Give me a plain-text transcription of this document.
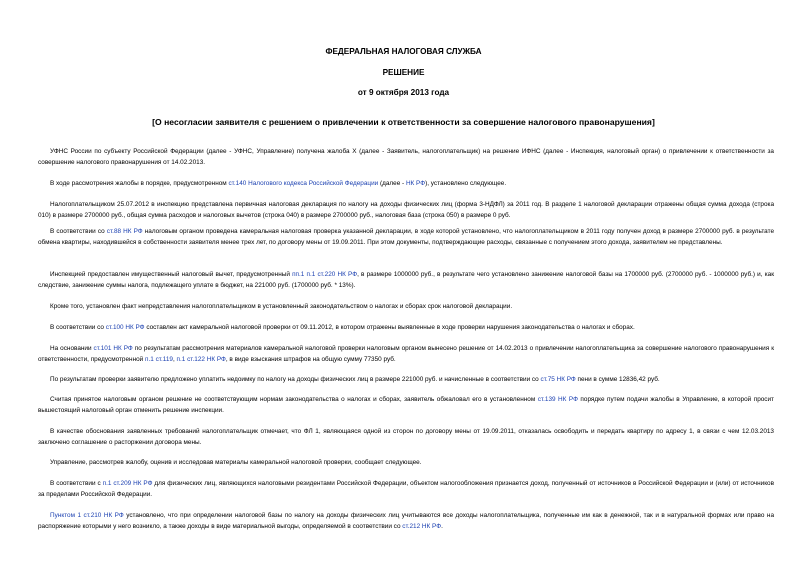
ФЕДЕРАЛЬНАЯ НАЛОГОВАЯ СЛУЖБА

РЕШЕНИЕ

от 9 октября 2013 года

[О несогласии заявителя с решением о привлечении к ответственности за совершение налогового правонарушения]

УФНС России по субъекту Российской Федерации (далее - УФНС, Управление) получена жалоба Х (далее - Заявитель, налогоплательщик) на решение ИФНС (далее - Инспекция, налоговый орган) о привлечении к ответственности за совершение налогового правонарушения от 14.02.2013.

В ходе рассмотрения жалобы в порядке, предусмотренном ст.140 Налогового кодекса Российской Федерации (далее - НК РФ), установлено следующее.

Налогоплательщиком 25.07.2012 в инспекцию представлена первичная налоговая декларация по налогу на доходы физических лиц (форма 3-НДФЛ) за 2011 год. В разделе 1 налоговой декларации отражены общая сумма дохода (строка 010) в размере 2700000 руб., общая сумма расходов и налоговых вычетов (строка 040) в размере 2700000 руб., налоговая база (строка 050) в размере 0 руб.

В соответствии со ст.88 НК РФ налоговым органом проведена камеральная налоговая проверка указанной декларации, в ходе которой установлено, что налогоплательщиком в 2011 году получен доход в размере 2700000 руб. в результате обмена квартиры, находившейся в собственности заявителя менее трех лет, по договору мены от 19.09.2011. При этом документы, подтверждающие расходы, связанные с получением этого дохода, заявителем не представлены.

Инспекцией предоставлен имущественный налоговый вычет, предусмотренный пп.1 п.1 ст.220 НК РФ, в размере 1000000 руб., в результате чего установлено занижение налоговой базы на 1700000 руб. (2700000 руб. - 1000000 руб.) и, как следствие, занижение суммы налога, подлежащего уплате в бюджет, на 221000 руб. (1700000 руб. * 13%).

Кроме того, установлен факт непредставления налогоплательщиком в установленный законодательством о налогах и сборах срок налоговой декларации.

В соответствии со ст.100 НК РФ составлен акт камеральной налоговой проверки от 09.11.2012, в котором отражены выявленные в ходе проверки нарушения законодательства о налогах и сборах.

На основании ст.101 НК РФ по результатам рассмотрения материалов камеральной налоговой проверки налоговым органом вынесено решение от 14.02.2013 о привлечении налогоплательщика за совершение налогового правонарушения к ответственности, предусмотренной п.1 ст.119, п.1 ст.122 НК РФ, в виде взыскания штрафов на общую сумму 77350 руб.

По результатам проверки заявителю предложено уплатить недоимку по налогу на доходы физических лиц в размере 221000 руб. и начисленные в соответствии со ст.75 НК РФ пени в сумме 12836,42 руб.

Считая принятое налоговым органом решение не соответствующим нормам законодательства о налогах и сборах, заявитель обжаловал его в установленном ст.139 НК РФ порядке путем подачи жалобы в Управление, в которой просит вышестоящий налоговый орган отменить решение инспекции.

В качестве обоснования заявленных требований налогоплательщик отмечает, что ФЛ 1, являющаяся одной из сторон по договору мены от 19.09.2011, отказалась освободить и передать квартиру по адресу 1, в связи с чем 12.03.2013 заключено соглашение о расторжении договора мены.

Управление, рассмотрев жалобу, оценив и исследовав материалы камеральной налоговой проверки, сообщает следующее.

В соответствии с п.1 ст.209 НК РФ для физических лиц, являющихся налоговыми резидентами Российской Федерации, объектом налогообложения признается доход, полученный от источников в Российской Федерации и (или) от источников за пределами Российской Федерации.

Пунктом 1 ст.210 НК РФ установлено, что при определении налоговой базы по налогу на доходы физических лиц учитываются все доходы налогоплательщика, полученные им как в денежной, так и в натуральной формах или право на распоряжение которыми у него возникло, а также доходы в виде материальной выгоды, определяемой в соответствии со ст.212 НК РФ.
